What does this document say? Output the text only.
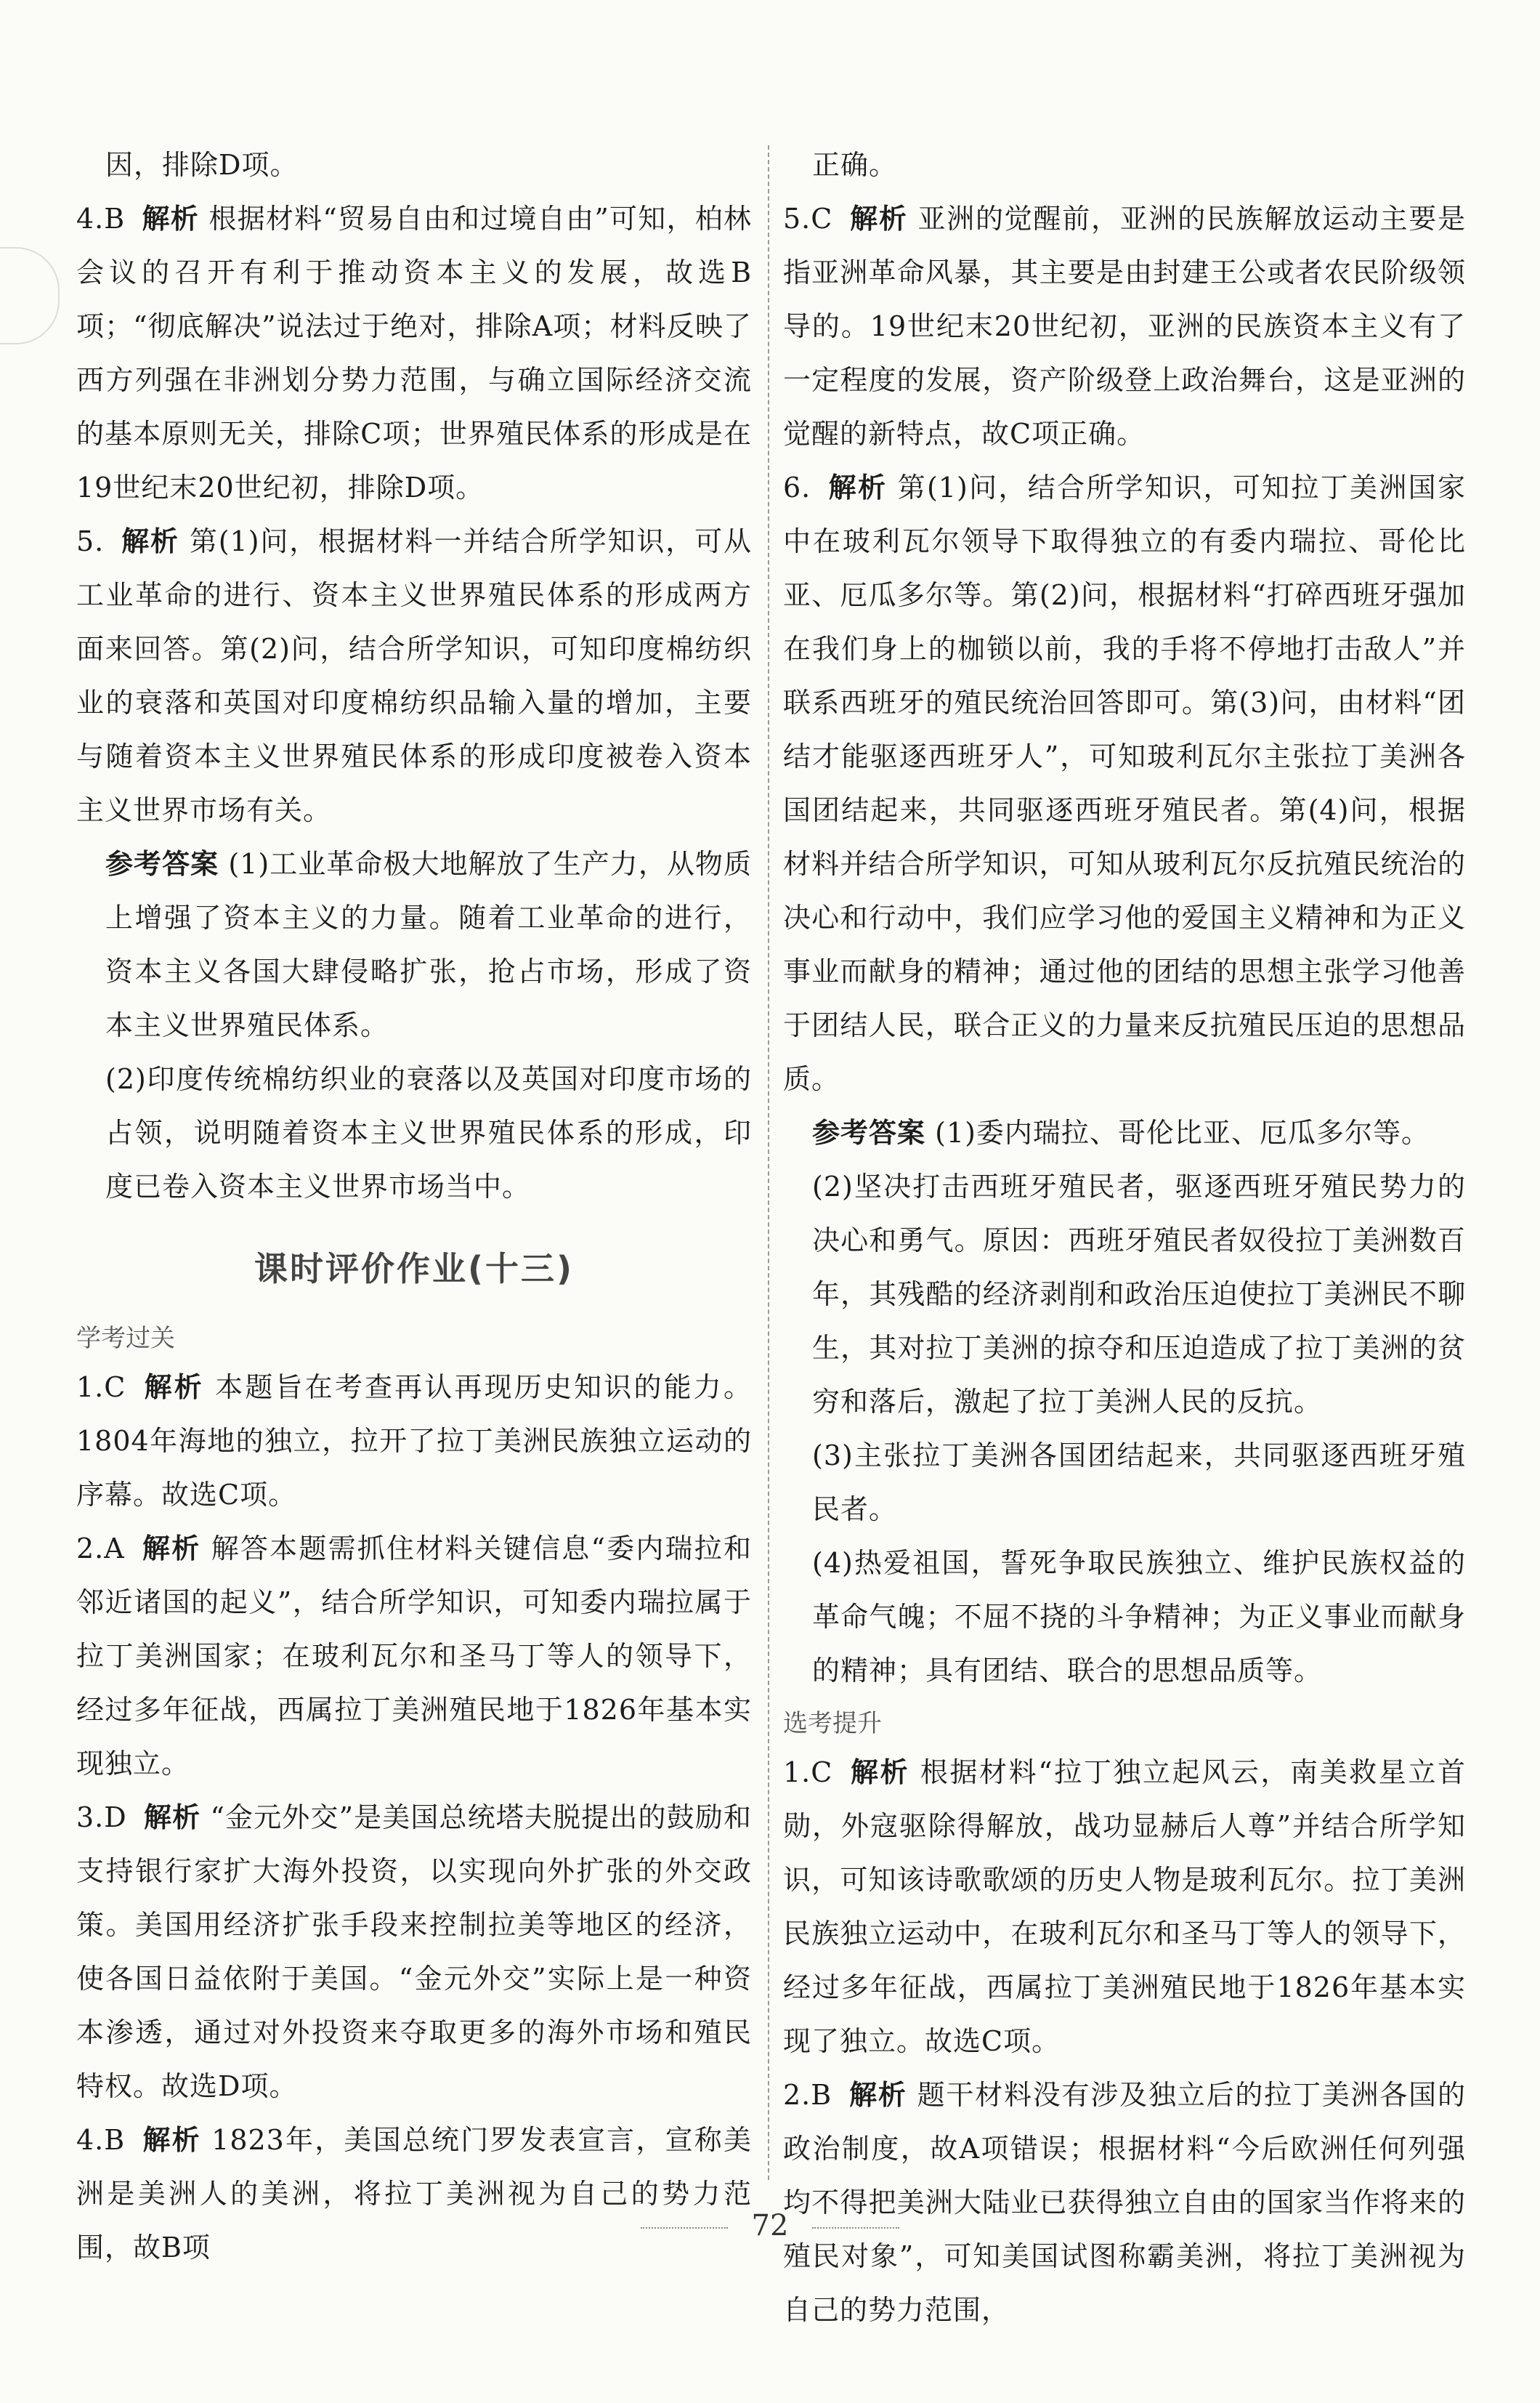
因，排除D项。

4.B 解析 根据材料“贸易自由和过境自由”可知，柏林会议的召开有利于推动资本主义的发展，故选B项；“彻底解决”说法过于绝对，排除A项；材料反映了西方列强在非洲划分势力范围，与确立国际经济交流的基本原则无关，排除C项；世界殖民体系的形成是在19世纪末20世纪初，排除D项。

5. 解析 第(1)问，根据材料一并结合所学知识，可从工业革命的进行、资本主义世界殖民体系的形成两方面来回答。第(2)问，结合所学知识，可知印度棉纺织业的衰落和英国对印度棉纺织品输入量的增加，主要与随着资本主义世界殖民体系的形成印度被卷入资本主义世界市场有关。

参考答案 (1)工业革命极大地解放了生产力，从物质上增强了资本主义的力量。随着工业革命的进行，资本主义各国大肆侵略扩张，抢占市场，形成了资本主义世界殖民体系。

(2)印度传统棉纺织业的衰落以及英国对印度市场的占领，说明随着资本主义世界殖民体系的形成，印度已卷入资本主义世界市场当中。

课时评价作业(十三)

学考过关

1.C 解析 本题旨在考查再认再现历史知识的能力。1804年海地的独立，拉开了拉丁美洲民族独立运动的序幕。故选C项。

2.A 解析 解答本题需抓住材料关键信息“委内瑞拉和邻近诸国的起义”，结合所学知识，可知委内瑞拉属于拉丁美洲国家；在玻利瓦尔和圣马丁等人的领导下，经过多年征战，西属拉丁美洲殖民地于1826年基本实现独立。

3.D 解析 “金元外交”是美国总统塔夫脱提出的鼓励和支持银行家扩大海外投资，以实现向外扩张的外交政策。美国用经济扩张手段来控制拉美等地区的经济，使各国日益依附于美国。“金元外交”实际上是一种资本渗透，通过对外投资来夺取更多的海外市场和殖民特权。故选D项。

4.B 解析 1823年，美国总统门罗发表宣言，宣称美洲是美洲人的美洲，将拉丁美洲视为自己的势力范围，故B项

正确。

5.C 解析 亚洲的觉醒前，亚洲的民族解放运动主要是指亚洲革命风暴，其主要是由封建王公或者农民阶级领导的。19世纪末20世纪初，亚洲的民族资本主义有了一定程度的发展，资产阶级登上政治舞台，这是亚洲的觉醒的新特点，故C项正确。

6. 解析 第(1)问，结合所学知识，可知拉丁美洲国家中在玻利瓦尔领导下取得独立的有委内瑞拉、哥伦比亚、厄瓜多尔等。第(2)问，根据材料“打碎西班牙强加在我们身上的枷锁以前，我的手将不停地打击敌人”并联系西班牙的殖民统治回答即可。第(3)问，由材料“团结才能驱逐西班牙人”，可知玻利瓦尔主张拉丁美洲各国团结起来，共同驱逐西班牙殖民者。第(4)问，根据材料并结合所学知识，可知从玻利瓦尔反抗殖民统治的决心和行动中，我们应学习他的爱国主义精神和为正义事业而献身的精神；通过他的团结的思想主张学习他善于团结人民，联合正义的力量来反抗殖民压迫的思想品质。

参考答案 (1)委内瑞拉、哥伦比亚、厄瓜多尔等。

(2)坚决打击西班牙殖民者，驱逐西班牙殖民势力的决心和勇气。原因：西班牙殖民者奴役拉丁美洲数百年，其残酷的经济剥削和政治压迫使拉丁美洲民不聊生，其对拉丁美洲的掠夺和压迫造成了拉丁美洲的贫穷和落后，激起了拉丁美洲人民的反抗。

(3)主张拉丁美洲各国团结起来，共同驱逐西班牙殖民者。

(4)热爱祖国，誓死争取民族独立、维护民族权益的革命气魄；不屈不挠的斗争精神；为正义事业而献身的精神；具有团结、联合的思想品质等。

选考提升

1.C 解析 根据材料“拉丁独立起风云，南美救星立首勋，外寇驱除得解放，战功显赫后人尊”并结合所学知识，可知该诗歌歌颂的历史人物是玻利瓦尔。拉丁美洲民族独立运动中，在玻利瓦尔和圣马丁等人的领导下，经过多年征战，西属拉丁美洲殖民地于1826年基本实现了独立。故选C项。

2.B 解析 题干材料没有涉及独立后的拉丁美洲各国的政治制度，故A项错误；根据材料“今后欧洲任何列强均不得把美洲大陆业已获得独立自由的国家当作将来的殖民对象”，可知美国试图称霸美洲，将拉丁美洲视为自己的势力范围，

72
